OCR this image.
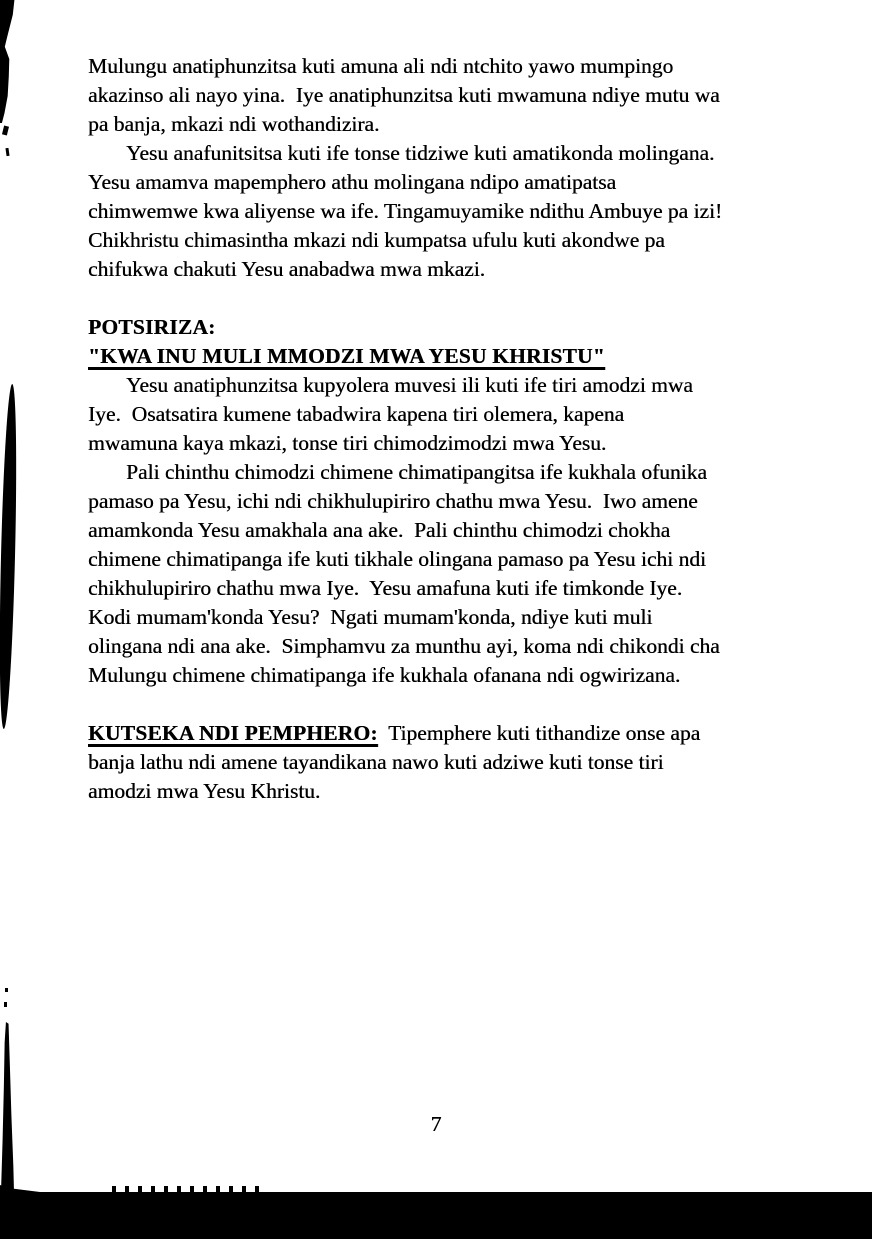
Mulungu anatiphunzitsa kuti amuna ali ndi ntchito yawo mumpingo
akazinso ali nayo yina.  Iye anatiphunzitsa kuti mwamuna ndiye mutu wa
pa banja, mkazi ndi wothandizira.
Yesu anafunitsitsa kuti ife tonse tidziwe kuti amatikonda molingana.
Yesu amamva mapemphero athu molingana ndipo amatipatsa
chimwemwe kwa aliyense wa ife. Tingamuyamike ndithu Ambuye pa izi!
Chikhristu chimasintha mkazi ndi kumpatsa ufulu kuti akondwe pa
chifukwa chakuti Yesu anabadwa mwa mkazi.
POTSIRIZA:
"KWA INU MULI MMODZI MWA YESU KHRISTU"
Yesu anatiphunzitsa kupyolera muvesi ili kuti ife tiri amodzi mwa
Iye.  Osatsatira kumene tabadwira kapena tiri olemera, kapena
mwamuna kaya mkazi, tonse tiri chimodzimodzi mwa Yesu.
Pali chinthu chimodzi chimene chimatipangitsa ife kukhala ofunika
pamaso pa Yesu, ichi ndi chikhulupiriro chathu mwa Yesu.  Iwo amene
amamkonda Yesu amakhala ana ake.  Pali chinthu chimodzi chokha
chimene chimatipanga ife kuti tikhale olingana pamaso pa Yesu ichi ndi
chikhulupiriro chathu mwa Iye.  Yesu amafuna kuti ife timkonde Iye.
Kodi mumam'konda Yesu?  Ngati mumam'konda, ndiye kuti muli
olingana ndi ana ake.  Simphamvu za munthu ayi, koma ndi chikondi cha
Mulungu chimene chimatipanga ife kukhala ofanana ndi ogwirizana.
KUTSEKA NDI PEMPHERO:  Tipemphere kuti tithandize onse apa
banja lathu ndi amene tayandikana nawo kuti adziwe kuti tonse tiri
amodzi mwa Yesu Khristu.
7
